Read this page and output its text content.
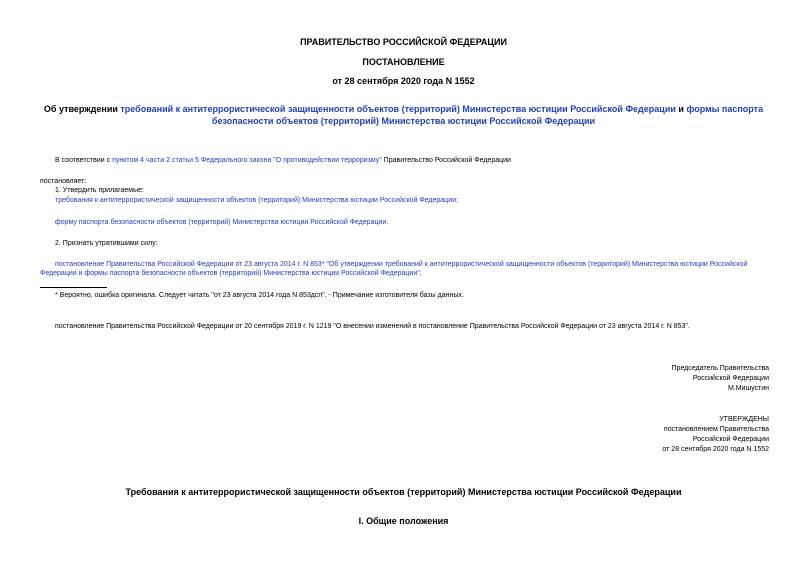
ПРАВИТЕЛЬСТВО РОССИЙСКОЙ ФЕДЕРАЦИИ
ПОСТАНОВЛЕНИЕ
от 28 сентября 2020 года N 1552
Об утверждении требований к антитеррористической защищенности объектов (территорий) Министерства юстиции Российской Федерации и формы паспорта
безопасности объектов (территорий) Министерства юстиции Российской Федерации
В соответствии с пунктом 4 части 2 статьи 5 Федерального закона "О противодействии терроризму" Правительство Российской Федерации
постановляет:
1. Утвердить прилагаемые:
требования к антитеррористической защищенности объектов (территорий) Министерства юстиции Российской Федерации;
форму паспорта безопасности объектов (территорий) Министерства юстиции Российской Федерации.
2. Признать утратившими силу:
постановление Правительства Российской Федерации от 23 августа 2014 г. N 853* "Об утверждении требований к антитеррористической защищенности объектов (территорий) Министерства юстиции Российской
Федерации и формы паспорта безопасности объектов (территорий) Министерства юстиции Российской Федерации";
* Вероятно, ошибка оригинала. Следует читать "от 23 августа 2014 года N 853дсп". - Примечание изготовителя базы данных.
постановление Правительства Российской Федерации от 20 сентября 2019 г. N 1219 "О внесении изменений в постановление Правительства Российской Федерации от 23 августа 2014 г. N 853".
Председатель Правительства
Российской Федерации
М.Мишустин
УТВЕРЖДЕНЫ
постановлением Правительства
Российской Федерации
от 28 сентября 2020 года N 1552
Требования к антитеррористической защищенности объектов (территорий) Министерства юстиции Российской Федерации
I. Общие положения
